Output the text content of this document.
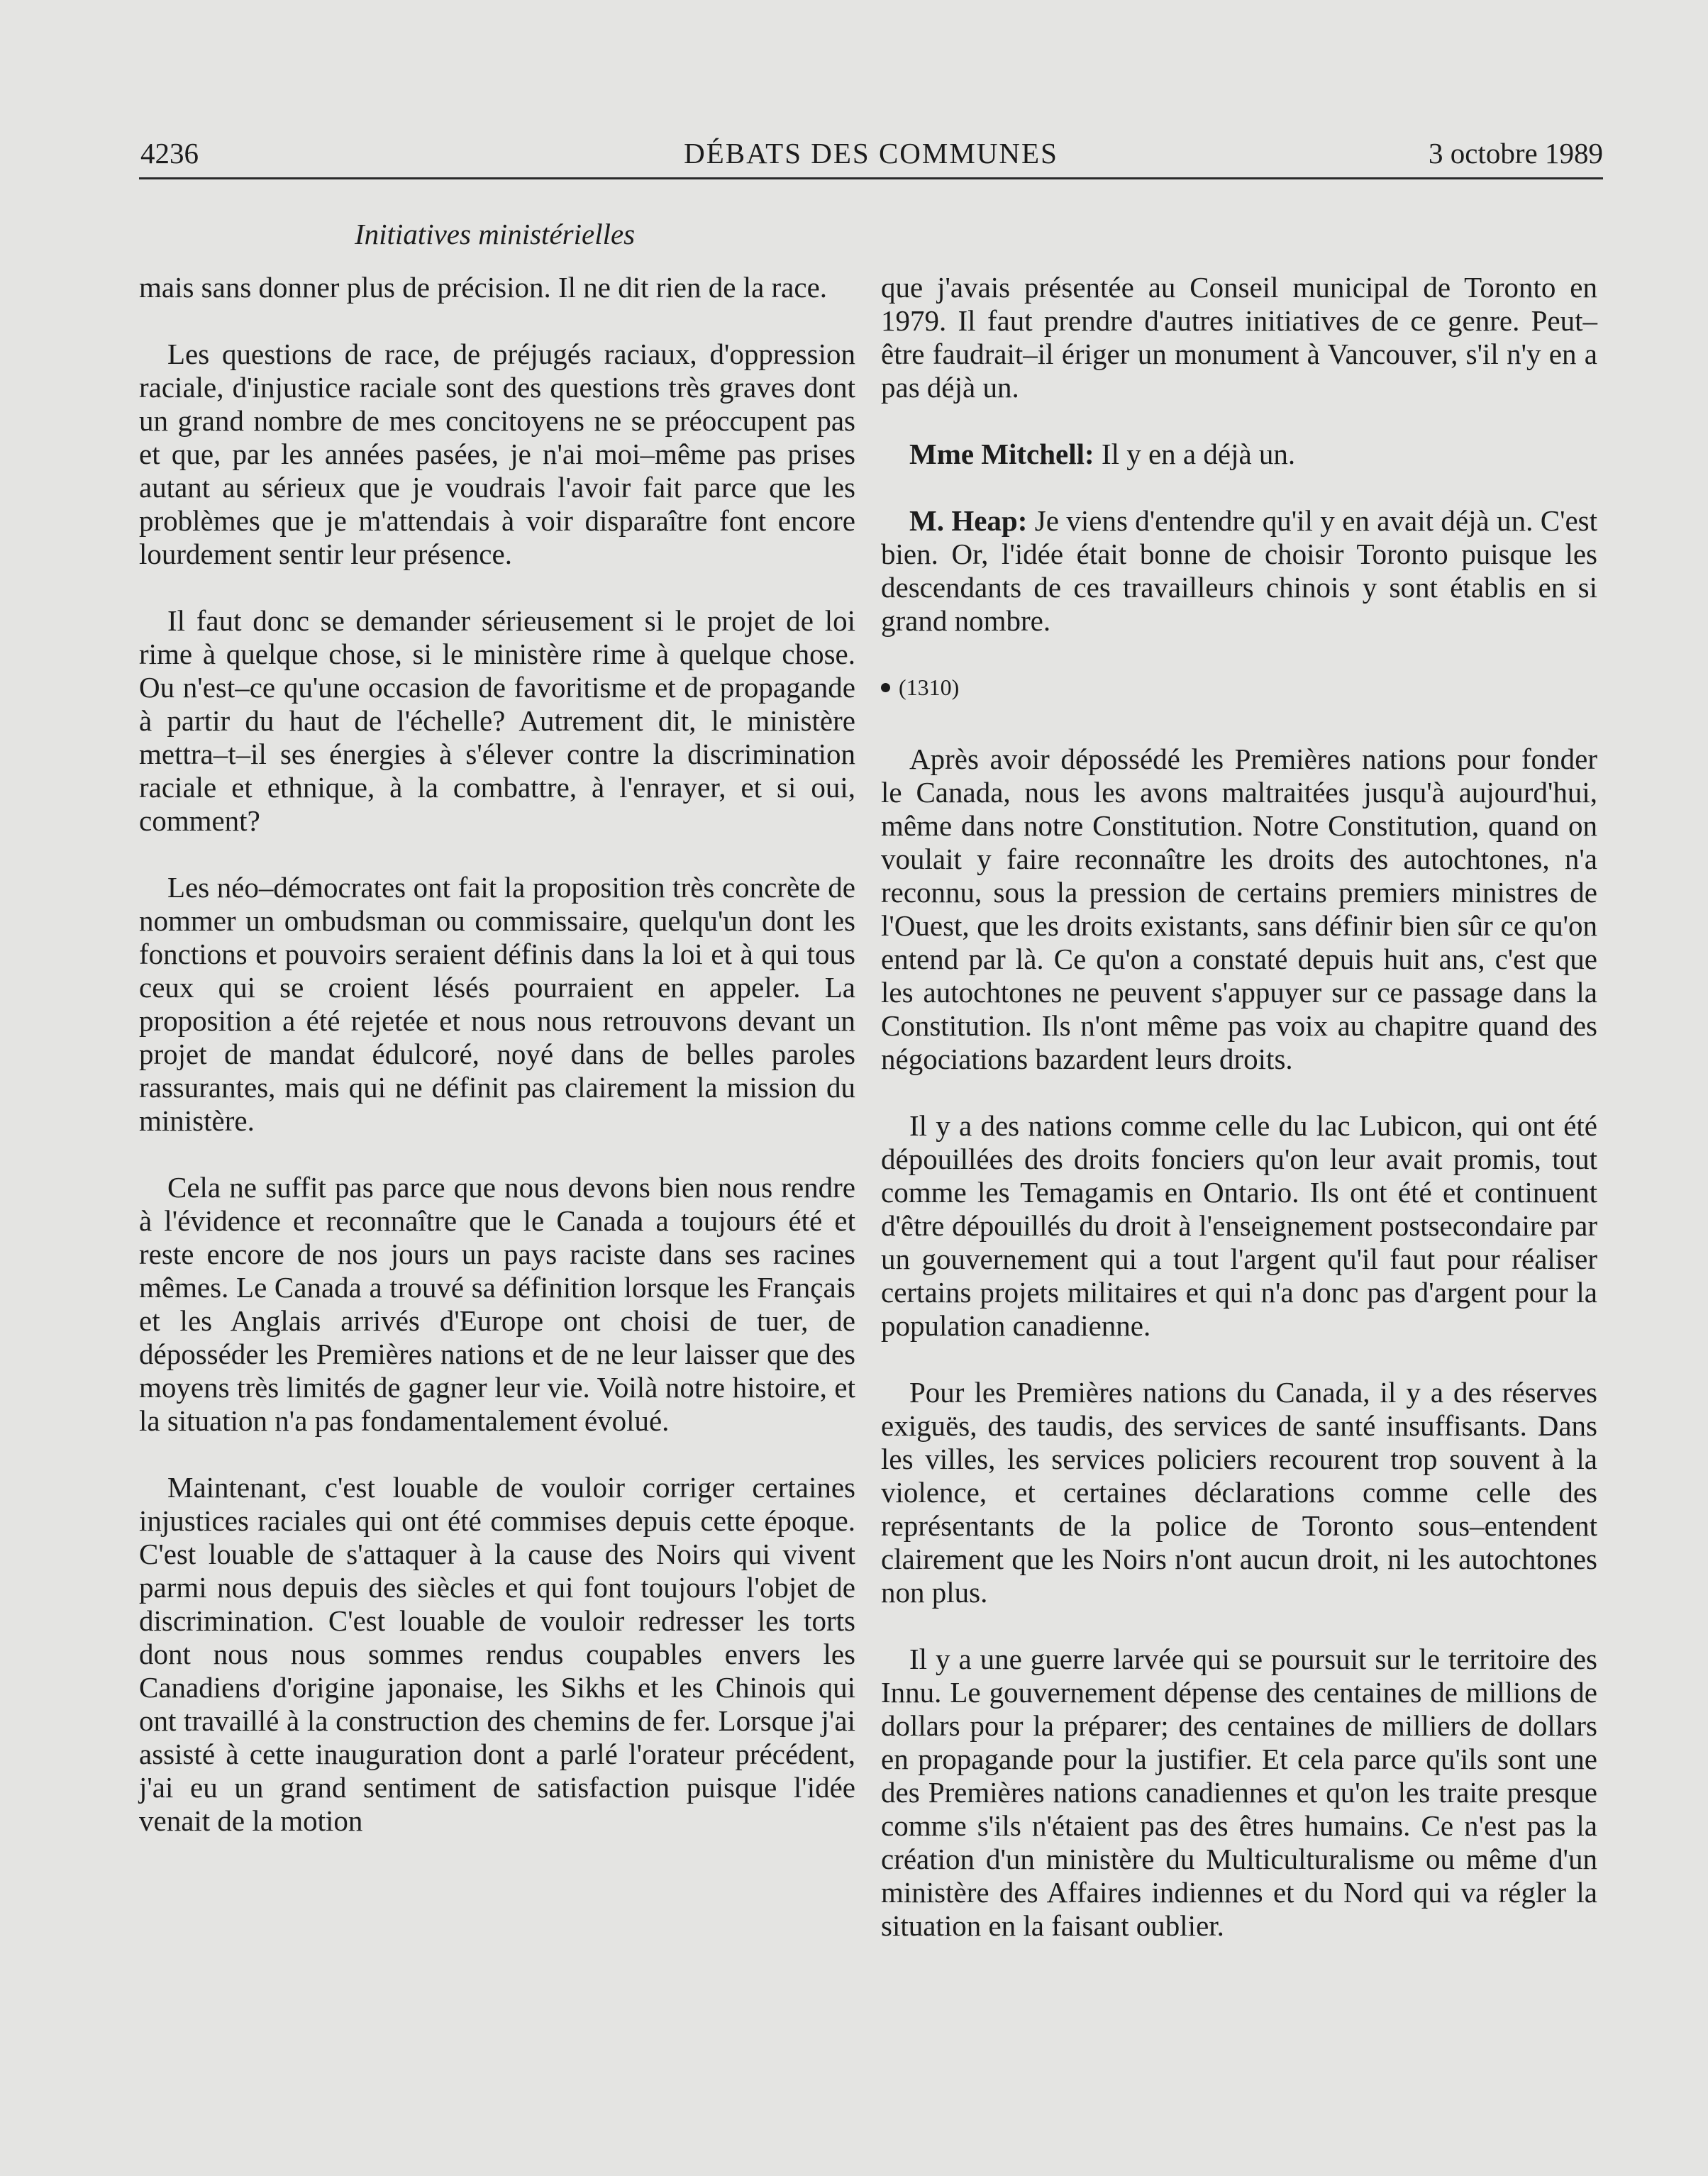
4236	DÉBATS DES COMMUNES	3 octobre 1989
Initiatives ministérielles

mais sans donner plus de précision. Il ne dit rien de la race.

Les questions de race, de préjugés raciaux, d'oppression raciale, d'injustice raciale sont des questions très graves dont un grand nombre de mes concitoyens ne se préoccupent pas et que, par les années pasées, je n'ai moi–même pas prises autant au sérieux que je voudrais l'avoir fait parce que les problèmes que je m'attendais à voir disparaître font encore lourdement sentir leur présence.

Il faut donc se demander sérieusement si le projet de loi rime à quelque chose, si le ministère rime à quelque chose. Ou n'est–ce qu'une occasion de favoritisme et de propagande à partir du haut de l'échelle? Autrement dit, le ministère mettra–t–il ses énergies à s'élever contre la discrimination raciale et ethnique, à la combattre, à l'enrayer, et si oui, comment?

Les néo–démocrates ont fait la proposition très concrète de nommer un ombudsman ou commissaire, quelqu'un dont les fonctions et pouvoirs seraient définis dans la loi et à qui tous ceux qui se croient lésés pourraient en appeler. La proposition a été rejetée et nous nous retrouvons devant un projet de mandat édulcoré, noyé dans de belles paroles rassurantes, mais qui ne définit pas clairement la mission du ministère.

Cela ne suffit pas parce que nous devons bien nous rendre à l'évidence et reconnaître que le Canada a toujours été et reste encore de nos jours un pays raciste dans ses racines mêmes. Le Canada a trouvé sa définition lorsque les Français et les Anglais arrivés d'Europe ont choisi de tuer, de déposséder les Premières nations et de ne leur laisser que des moyens très limités de gagner leur vie. Voilà notre histoire, et la situation n'a pas fondamentalement évolué.

Maintenant, c'est louable de vouloir corriger certaines injustices raciales qui ont été commises depuis cette époque. C'est louable de s'attaquer à la cause des Noirs qui vivent parmi nous depuis des siècles et qui font toujours l'objet de discrimination. C'est louable de vouloir redresser les torts dont nous nous sommes rendus coupables envers les Canadiens d'origine japonaise, les Sikhs et les Chinois qui ont travaillé à la construction des chemins de fer. Lorsque j'ai assisté à cette inauguration dont a parlé l'orateur précédent, j'ai eu un grand sentiment de satisfaction puisque l'idée venait de la motion

que j'avais présentée au Conseil municipal de Toronto en 1979. Il faut prendre d'autres initiatives de ce genre. Peut–être faudrait–il ériger un monument à Vancouver, s'il n'y en a pas déjà un.

Mme Mitchell: Il y en a déjà un.

M. Heap: Je viens d'entendre qu'il y en avait déjà un. C'est bien. Or, l'idée était bonne de choisir Toronto puisque les descendants de ces travailleurs chinois y sont établis en si grand nombre.

(1310)

Après avoir dépossédé les Premières nations pour fonder le Canada, nous les avons maltraitées jusqu'à aujourd'hui, même dans notre Constitution. Notre Constitution, quand on voulait y faire reconnaître les droits des autochtones, n'a reconnu, sous la pression de certains premiers ministres de l'Ouest, que les droits existants, sans définir bien sûr ce qu'on entend par là. Ce qu'on a constaté depuis huit ans, c'est que les autochtones ne peuvent s'appuyer sur ce passage dans la Constitution. Ils n'ont même pas voix au chapitre quand des négociations bazardent leurs droits.

Il y a des nations comme celle du lac Lubicon, qui ont été dépouillées des droits fonciers qu'on leur avait promis, tout comme les Temagamis en Ontario. Ils ont été et continuent d'être dépouillés du droit à l'enseignement postsecondaire par un gouvernement qui a tout l'argent qu'il faut pour réaliser certains projets militaires et qui n'a donc pas d'argent pour la population canadienne.

Pour les Premières nations du Canada, il y a des réserves exiguës, des taudis, des services de santé insuffisants. Dans les villes, les services policiers recourent trop souvent à la violence, et certaines déclarations comme celle des représentants de la police de Toronto sous–entendent clairement que les Noirs n'ont aucun droit, ni les autochtones non plus.

Il y a une guerre larvée qui se poursuit sur le territoire des Innu. Le gouvernement dépense des centaines de millions de dollars pour la préparer; des centaines de milliers de dollars en propagande pour la justifier. Et cela parce qu'ils sont une des Premières nations canadiennes et qu'on les traite presque comme s'ils n'étaient pas des êtres humains. Ce n'est pas la création d'un ministère du Multiculturalisme ou même d'un ministère des Affaires indiennes et du Nord qui va régler la situation en la faisant oublier.
